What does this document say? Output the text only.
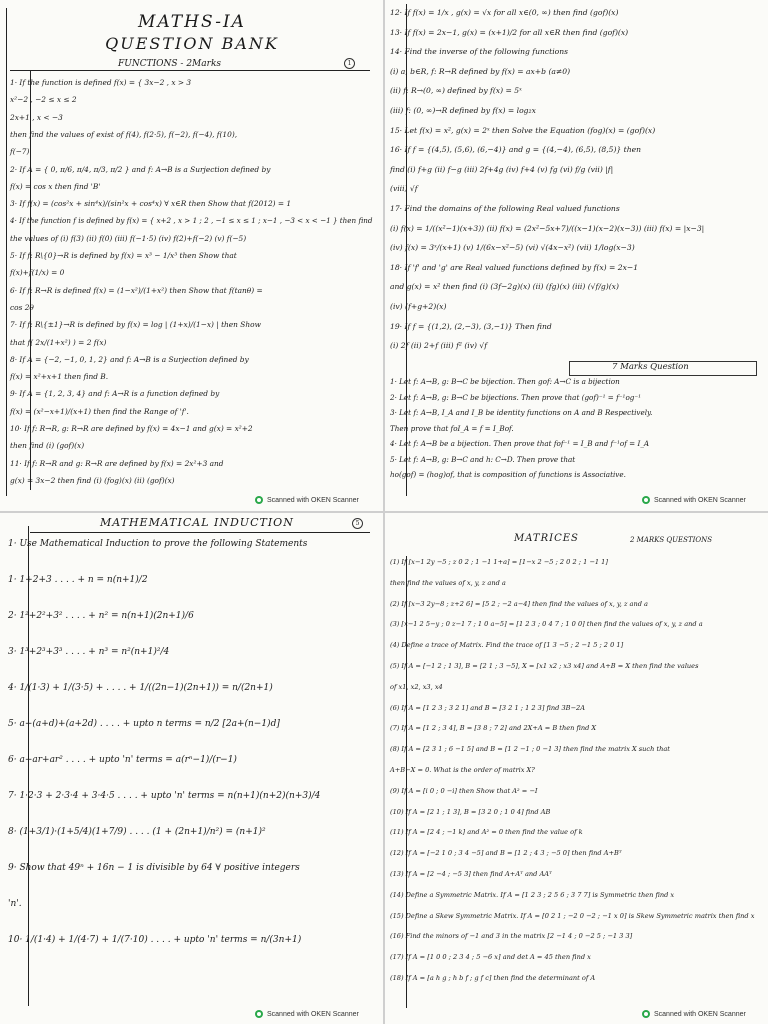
MATHS-IA
QUESTION BANK
FUNCTIONS - 2Marks	1
1· If the function is defined f(x) = { 3x−2 , x > 3
x²−2 , −2 ≤ x ≤ 2
2x+1 , x < −3
then find the values of exist of f(4), f(2·5), f(−2), f(−4), f(10),
f(−7)
2· If A = { 0, π/6, π/4, π/3, π/2 } and f: A→B is a Surjection defined by
f(x) = cos x then find 'B'
3· If f(x) = (cos²x + sin⁴x)/(sin²x + cos⁴x) ∀ x∈R then Show that f(2012) = 1
4· If the function f is defined by f(x) = { x+2 , x > 1 ; 2 , −1 ≤ x ≤ 1 ; x−1 , −3 < x < −1 } then find
the values of (i) f(3) (ii) f(0) (iii) f(−1·5) (iv) f(2)+f(−2) (v) f(−5)
5· If f: R\{0}→R is defined by f(x) = x³ − 1/x³ then Show that
f(x)+f(1/x) = 0
6· If f: R→R is defined f(x) = (1−x²)/(1+x²) then Show that f(tanθ) =
cos 2θ
7· If f: R\{±1}→R is defined by f(x) = log | (1+x)/(1−x) | then Show
that f( 2x/(1+x²) ) = 2 f(x)
8· If A = {−2, −1, 0, 1, 2} and f: A→B is a Surjection defined by
f(x) = x²+x+1 then find B.
9· If A = {1, 2, 3, 4} and f: A→R is a function defined by
f(x) = (x²−x+1)/(x+1) then find the Range of 'f'.
10· If f: R→R, g: R→R are defined by f(x) = 4x−1 and g(x) = x²+2
then find (i) (gof)(x)
11· If f: R→R and g: R→R are defined by f(x) = 2x²+3 and
g(x) = 3x−2 then find (i) (fog)(x) (ii) (gof)(x)
Scanned with OKEN Scanner
12· If f(x) = 1/x , g(x) = √x for all x∈(0, ∞) then find (gof)(x)
13· If f(x) = 2x−1, g(x) = (x+1)/2 for all x∈R then find (gof)(x)
14· Find the inverse of the following functions
(i) a, b∈R, f: R→R defined by f(x) = ax+b (a≠0)
(ii) f: R→(0, ∞) defined by f(x) = 5ˣ
(iii) f: (0, ∞)→R defined by f(x) = log₂x
15· Let f(x) = x², g(x) = 2ˣ then Solve the Equation (fog)(x) = (gof)(x)
16· If f = {(4,5), (5,6), (6,−4)} and g = {(4,−4), (6,5), (8,5)} then
find (i) f+g (ii) f−g (iii) 2f+4g (iv) f+4 (v) fg (vi) f/g (vii) |f|
(viii) √f
17· Find the domains of the following Real valued functions
(i) f(x) = 1/((x²−1)(x+3)) (ii) f(x) = (2x²−5x+7)/((x−1)(x−2)(x−3)) (iii) f(x) = |x−3|
(iv) f(x) = 3ˣ/(x+1) (v) 1/(6x−x²−5) (vi) √(4x−x²) (vii) 1/log(x−3)
18· If 'f' and 'g' are Real valued functions defined by f(x) = 2x−1
and g(x) = x² then find (i) (3f−2g)(x) (ii) (fg)(x) (iii) (√f/g)(x)
(iv) (f+g+2)(x)
19· If f = {(1,2), (2,−3), (3,−1)} Then find
(i) 2f (ii) 2+f (iii) f² (iv) √f
7 Marks Question
1· Let f: A→B, g: B→C be bijection. Then gof: A→C is a bijection
2· Let f: A→B, g: B→C be bijections. Then prove that (gof)⁻¹ = f⁻¹og⁻¹
3· Let f: A→B, I_A and I_B be identity functions on A and B Respectively.
Then prove that foI_A = f = I_Bof.
4· Let f: A→B be a bijection. Then prove that fof⁻¹ = I_B and f⁻¹of = I_A
5· Let f: A→B, g: B→C and h: C→D. Then prove that
ho(gof) = (hog)of, that is composition of functions is Associative.
Scanned with OKEN Scanner
MATHEMATICAL INDUCTION	5
1· Use Mathematical Induction to prove the following Statements
1· 1+2+3 . . . . + n = n(n+1)/2
2· 1²+2²+3² . . . . + n² = n(n+1)(2n+1)/6
3· 1³+2³+3³ . . . . + n³ = n²(n+1)²/4
4· 1/(1·3) + 1/(3·5) + . . . . + 1/((2n−1)(2n+1)) = n/(2n+1)
5· a+(a+d)+(a+2d) . . . . + upto n terms = n/2 [2a+(n−1)d]
6· a+ar+ar² . . . . + upto 'n' terms = a(rⁿ−1)/(r−1)
7· 1·2·3 + 2·3·4 + 3·4·5 . . . . + upto 'n' terms = n(n+1)(n+2)(n+3)/4
8· (1+3/1)·(1+5/4)(1+7/9) . . . . (1 + (2n+1)/n²) = (n+1)²
9· Show that 49ⁿ + 16n − 1 is divisible by 64 ∀ positive integers
'n'.
10· 1/(1·4) + 1/(4·7) + 1/(7·10) . . . . + upto 'n' terms = n/(3n+1)
Scanned with OKEN Scanner
MATRICES	2 MARKS QUESTIONS
(1) If [x−1 2y −5 ; z 0 2 ; 1 −1 1+a] = [1−x 2 −5 ; 2 0 2 ; 1 −1 1]
then find the values of x, y, z and a
(2) If [x−3 2y−8 ; z+2 6] = [5 2 ; −2 a−4] then find the values of x, y, z and a
(3) [x−1 2 5−y ; 0 z−1 7 ; 1 0 a−5] = [1 2 3 ; 0 4 7 ; 1 0 0] then find the values of x, y, z and a
(4) Define a trace of Matrix. Find the trace of [1 3 −5 ; 2 −1 5 ; 2 0 1]
(5) If A = [−1 2 ; 1 3], B = [2 1 ; 3 −5], X = [x1 x2 ; x3 x4] and A+B = X then find the values
of x1, x2, x3, x4
(6) If A = [1 2 3 ; 3 2 1] and B = [3 2 1 ; 1 2 3] find 3B−2A
(7) If A = [1 2 ; 3 4], B = [3 8 ; 7 2] and 2X+A = B then find X
(8) If A = [2 3 1 ; 6 −1 5] and B = [1 2 −1 ; 0 −1 3] then find the matrix X such that
A+B−X = 0. What is the order of matrix X?
(9) If A = [i 0 ; 0 −i] then Show that A² = −I
(10) If A = [2 1 ; 1 3], B = [3 2 0 ; 1 0 4] find AB
(11) If A = [2 4 ; −1 k] and A² = 0 then find the value of k
(12) If A = [−2 1 0 ; 3 4 −5] and B = [1 2 ; 4 3 ; −5 0] then find A+Bᵀ
(13) If A = [2 −4 ; −5 3] then find A+Aᵀ and AAᵀ
(14) Define a Symmetric Matrix. If A = [1 2 3 ; 2 5 6 ; 3 7 7] is Symmetric then find x
(15) Define a Skew Symmetric Matrix. If A = [0 2 1 ; −2 0 −2 ; −1 x 0] is Skew Symmetric matrix then find x
(16) Find the minors of −1 and 3 in the matrix [2 −1 4 ; 0 −2 5 ; −1 3 3]
(17) If A = [1 0 0 ; 2 3 4 ; 5 −6 x] and det A = 45 then find x
(18) If A = [a h g ; h b f ; g f c] then find the determinant of A
Scanned with OKEN Scanner
